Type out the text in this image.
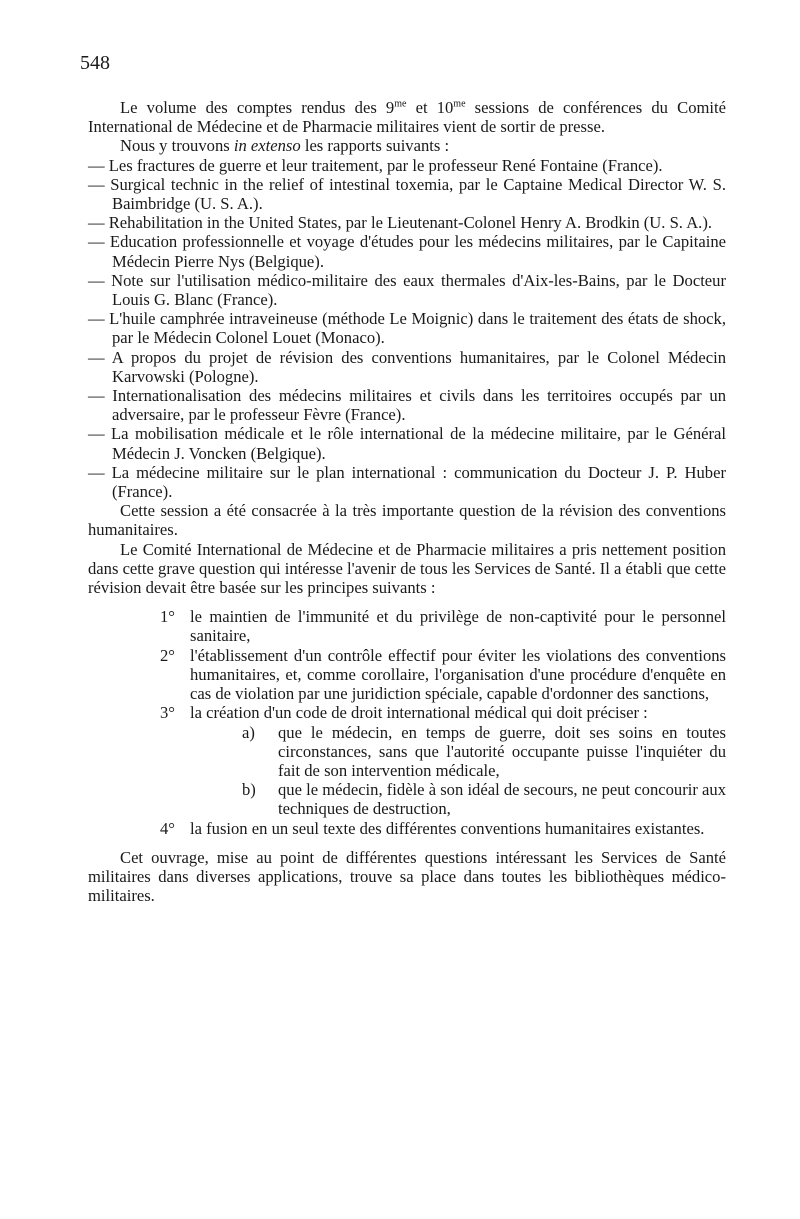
548

Le volume des comptes rendus des $9^{me}$ et $10^{me}$ sessions de conférences du Comité International de Médecine et de Pharmacie militaires vient de sortir de presse.

Nous y trouvons in extenso les rapports suivants :

— Les fractures de guerre et leur traitement, par le professeur René Fontaine (France).

— Surgical technic in the relief of intestinal toxemia, par le Captaine Medical Director W. S. Baimbridge (U. S. A.).

— Rehabilitation in the United States, par le Lieutenant-Colonel Henry A. Brodkin (U. S. A.).

— Education professionnelle et voyage d'études pour les médecins militaires, par le Capitaine Médecin Pierre Nys (Belgique).

— Note sur l'utilisation médico-militaire des eaux thermales d'Aix-les-Bains, par le Docteur Louis G. Blanc (France).

— L'huile camphrée intraveineuse (méthode Le Moignic) dans le traitement des états de shock, par le Médecin Colonel Louet (Monaco).

— A propos du projet de révision des conventions humanitaires, par le Colonel Médecin Karvowski (Pologne).

— Internationalisation des médecins militaires et civils dans les territoires occupés par un adversaire, par le professeur Fèvre (France).

— La mobilisation médicale et le rôle international de la médecine militaire, par le Général Médecin J. Voncken (Belgique).

— La médecine militaire sur le plan international : communication du Docteur J. P. Huber (France).

Cette session a été consacrée à la très importante question de la révision des conventions humanitaires.

Le Comité International de Médecine et de Pharmacie militaires a pris nettement position dans cette grave question qui intéresse l'avenir de tous les Services de Santé. Il a établi que cette révision devait être basée sur les principes suivants :

1° le maintien de l'immunité et du privilège de non-captivité pour le personnel sanitaire,

2° l'établissement d'un contrôle effectif pour éviter les violations des conventions humanitaires, et, comme corollaire, l'organisation d'une procédure d'enquête en cas de violation par une juridiction spéciale, capable d'ordonner des sanctions,

3° la création d'un code de droit international médical qui doit préciser :

a) que le médecin, en temps de guerre, doit ses soins en toutes circonstances, sans que l'autorité occupante puisse l'inquiéter du fait de son intervention médicale,

b) que le médecin, fidèle à son idéal de secours, ne peut concourir aux techniques de destruction,

4° la fusion en un seul texte des différentes conventions humanitaires existantes.

Cet ouvrage, mise au point de différentes questions intéressant les Services de Santé militaires dans diverses applications, trouve sa place dans toutes les bibliothèques médico-militaires.
